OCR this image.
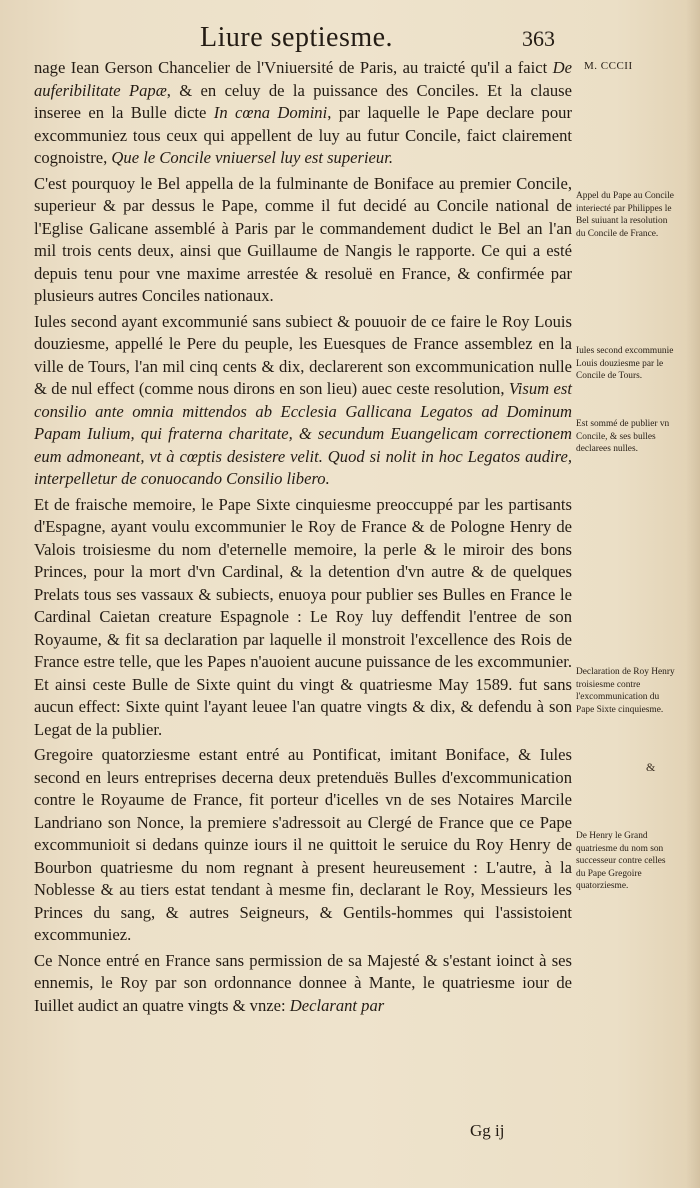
Liure septiesme.	363
M. CCCII

nage Iean Gerson Chancelier de l'Vniuersité de Paris, au traicté qu'il a faict De auferibilitate Papæ, & en celuy de la puissance des Conciles. Et la clause inseree en la Bulle dicte In cœna Domini, par laquelle le Pape declare pour excommuniez tous ceux qui appellent de luy au futur Concile, faict clairement cognoistre, Que le Concile vniuersel luy est superieur.

C'est pourquoy le Bel appella de la fulminante de Boniface au premier Concile, superieur & par dessus le Pape, comme il fut decidé au Concile national de l'Eglise Galicane assemblé à Paris par le commandement dudict le Bel an l'an mil trois cents deux, ainsi que Guillaume de Nangis le rapporte. Ce qui a esté depuis tenu pour vne maxime arrestée & resoluë en France, & confirmée par plusieurs autres Conciles nationaux.

Iules second ayant excommunié sans subiect & pouuoir de ce faire le Roy Louis douziesme, appellé le Pere du peuple, les Euesques de France assemblez en la ville de Tours, l'an mil cinq cents & dix, declarerent son excommunication nulle & de nul effect (comme nous dirons en son lieu) auec ceste resolution, Visum est consilio ante omnia mittendos ab Ecclesia Gallicana Legatos ad Dominum Papam Iulium, qui fraterna charitate, & secundum Euangelicam correctionem eum admoneant, vt à cœptis desistere velit. Quod si nolit in hoc Legatos audire, interpelletur de conuocando Consilio libero.

Et de fraische memoire, le Pape Sixte cinquiesme preoccuppé par les partisants d'Espagne, ayant voulu excommunier le Roy de France & de Pologne Henry de Valois troisiesme du nom d'eternelle memoire, la perle & le miroir des bons Princes, pour la mort d'vn Cardinal, & la detention d'vn autre & de quelques Prelats tous ses vassaux & subiects, enuoya pour publier ses Bulles en France le Cardinal Caietan creature Espagnole : Le Roy luy deffendit l'entree de son Royaume, & fit sa declaration par laquelle il monstroit l'excellence des Rois de France estre telle, que les Papes n'auoient aucune puissance de les excommunier. Et ainsi ceste Bulle de Sixte quint du vingt & quatriesme May 1589. fut sans aucun effect: Sixte quint l'ayant leuee l'an quatre vingts & dix, & defendu à son Legat de la publier.

Gregoire quatorziesme estant entré au Pontificat, imitant Boniface, & Iules second en leurs entreprises decerna deux pretenduës Bulles d'excommunication contre le Royaume de France, fit porteur d'icelles vn de ses Notaires Marcile Landriano son Nonce, la premiere s'adressoit au Clergé de France que ce Pape excommunioit si dedans quinze iours il ne quittoit le seruice du Roy Henry de Bourbon quatriesme du nom regnant à present heureusement : L'autre, à la Noblesse & au tiers estat tendant à mesme fin, declarant le Roy, Messieurs les Princes du sang, & autres Seigneurs, & Gentils-hommes qui l'assistoient excommuniez.

Ce Nonce entré en France sans permission de sa Majesté & s'estant ioinct à ses ennemis, le Roy par son ordonnance donnee à Mante, le quatriesme iour de Iuillet audict an quatre vingts & vnze: Declarant par

Appel du Pape au Concile interiecté par Philippes le Bel suiuant la resolution du Concile de France.
Iules second excommunie Louis douziesme par le Concile de Tours.
Est sommé de publier vn Concile, & ses bulles declarees nulles.
Declaration de Roy Henry troisiesme contre l'excommunication du Pape Sixte cinquiesme.
De Henry le Grand quatriesme du nom son successeur contre celles du Pape Gregoire quatorziesme.
&
Gg ij
